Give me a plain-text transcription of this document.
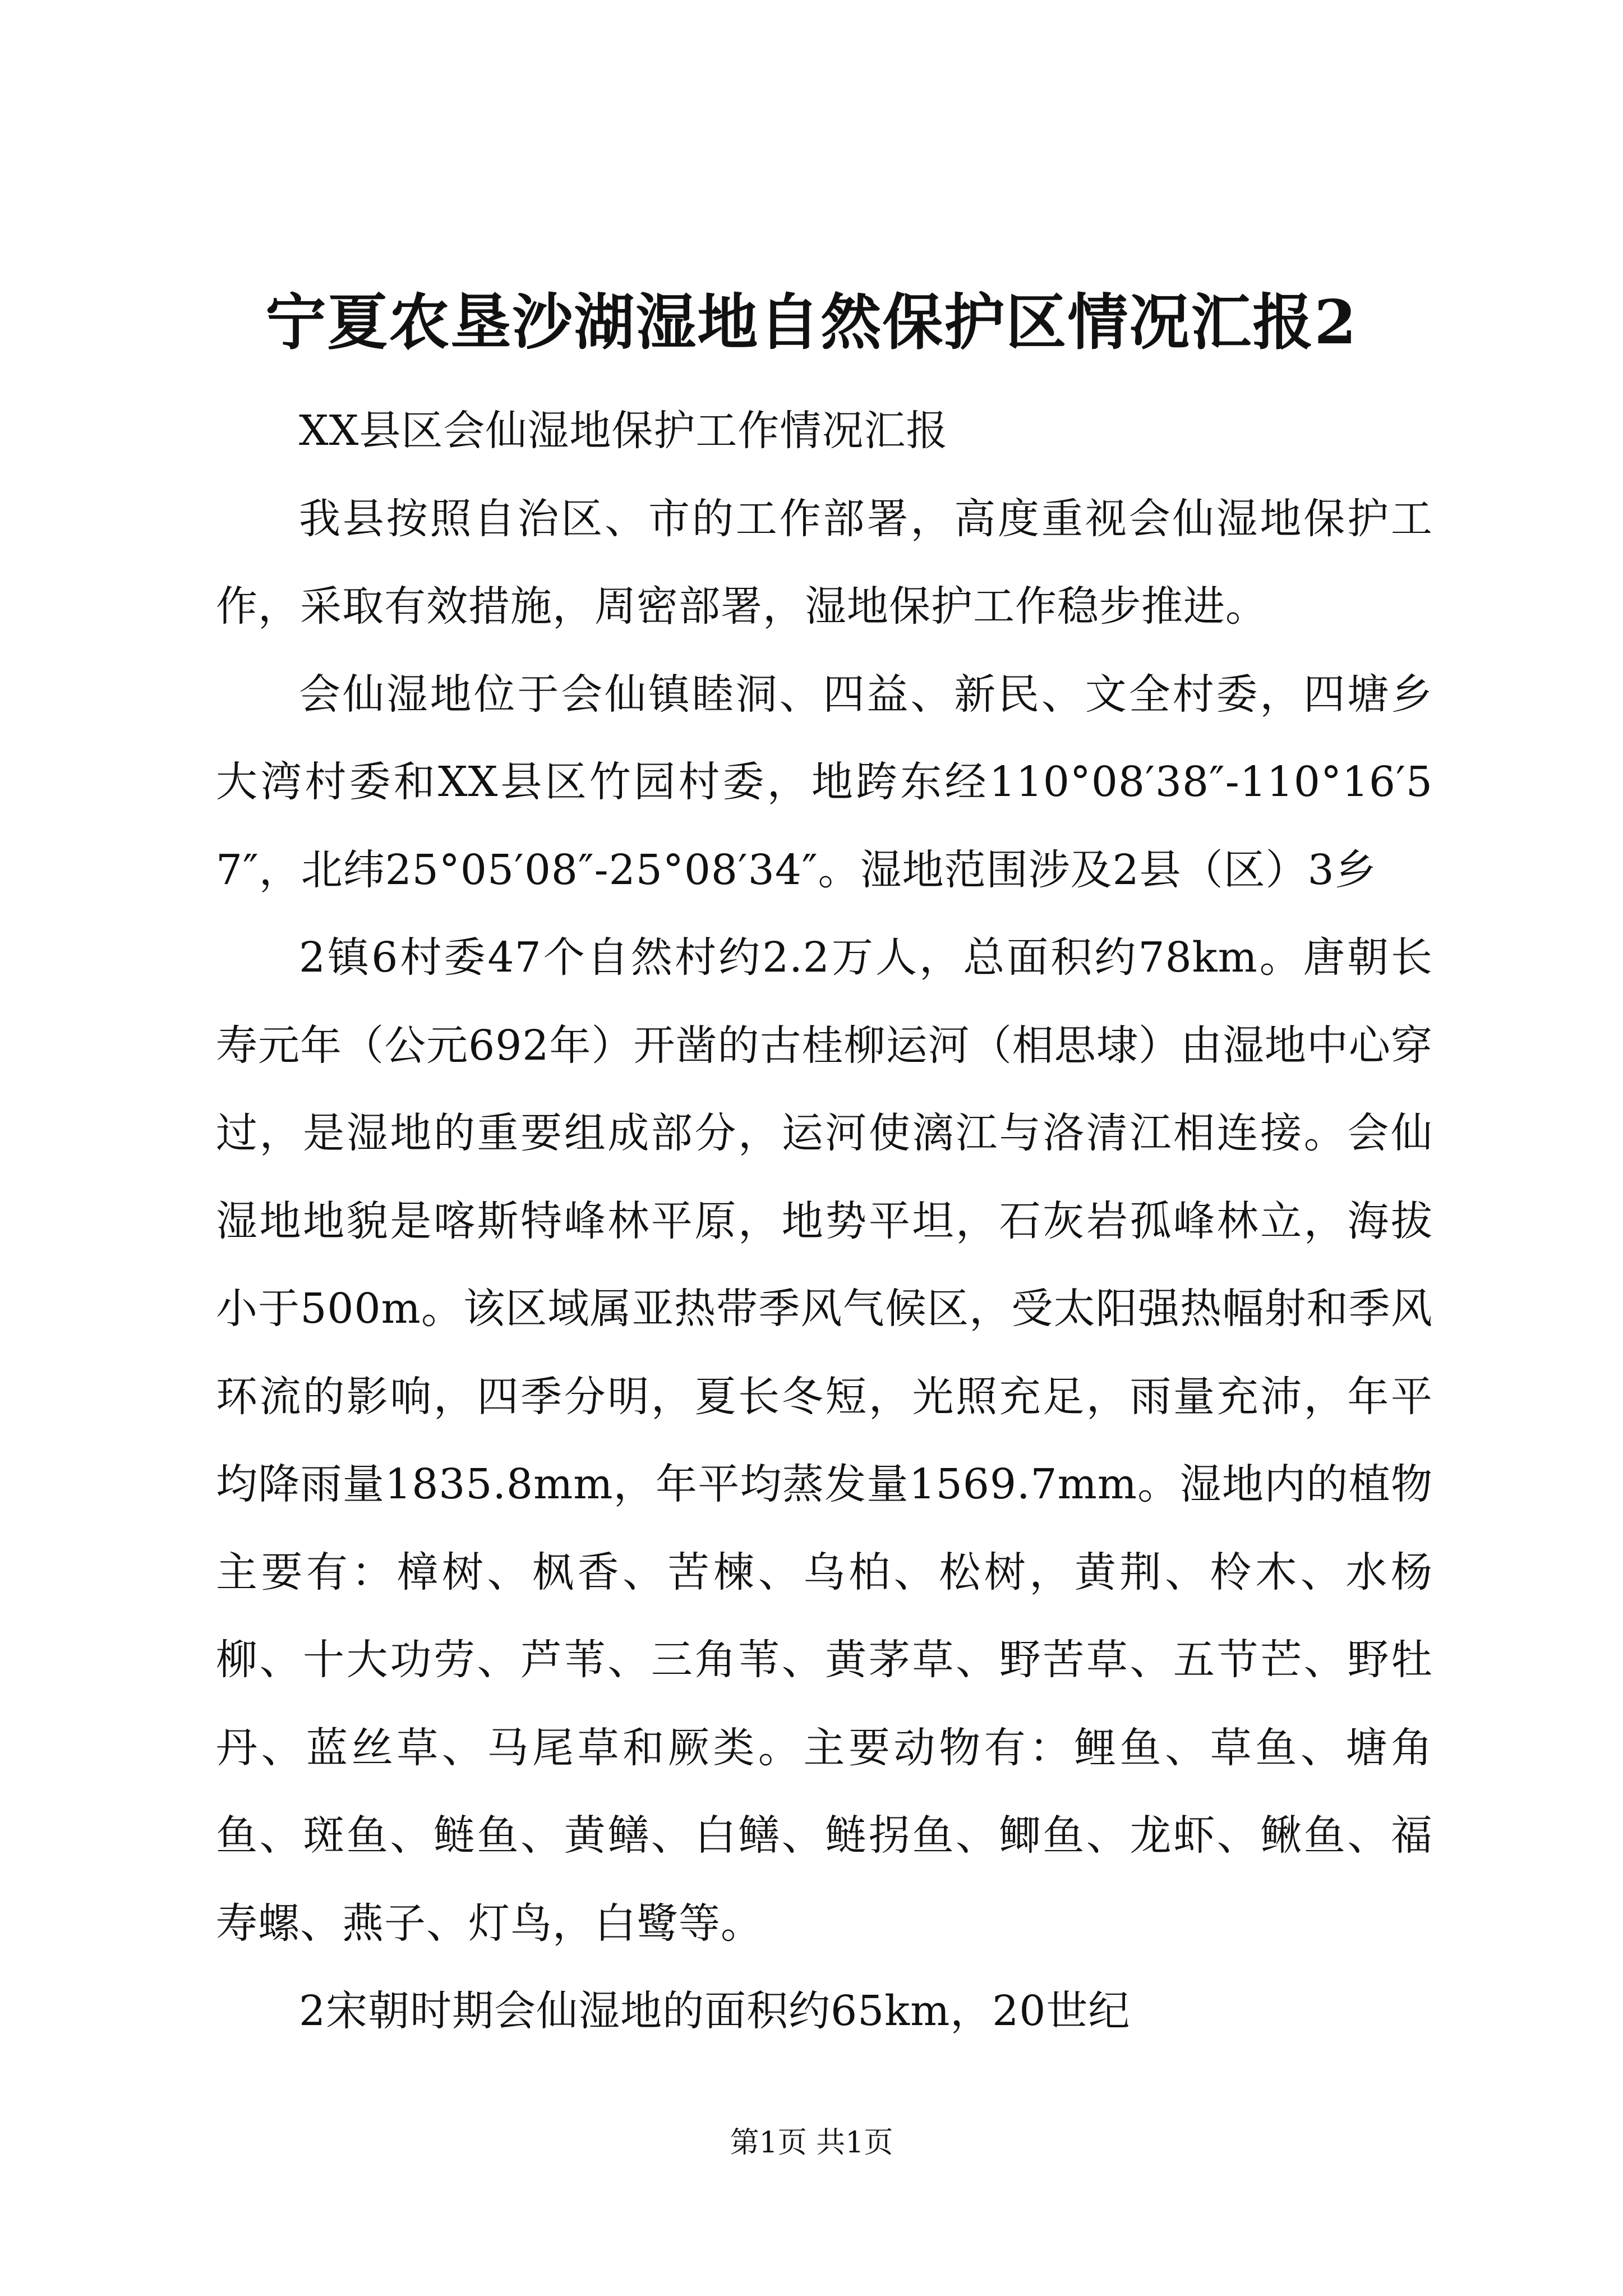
宁夏农垦沙湖湿地自然保护区情况汇报2

XX县区会仙湿地保护工作情况汇报

我县按照自治区、市的工作部署，高度重视会仙湿地保护工作，采取有效措施，周密部署，湿地保护工作稳步推进。

会仙湿地位于会仙镇睦洞、四益、新民、文全村委，四塘乡大湾村委和XX县区竹园村委，地跨东经110°08′38″-110°16′57″，北纬25°05′08″-25°08′34″。湿地范围涉及2县（区）3乡

2镇6村委47个自然村约2.2万人，总面积约78km。唐朝长寿元年（公元692年）开凿的古桂柳运河（相思埭）由湿地中心穿过，是湿地的重要组成部分，运河使漓江与洛清江相连接。会仙湿地地貌是喀斯特峰林平原，地势平坦，石灰岩孤峰林立，海拔小于500m。该区域属亚热带季风气候区，受太阳强热幅射和季风环流的影响，四季分明，夏长冬短，光照充足，雨量充沛，年平均降雨量1835.8mm，年平均蒸发量1569.7mm。湿地内的植物主要有：樟树、枫香、苦楝、乌柏、松树，黄荆、柃木、水杨柳、十大功劳、芦苇、三角苇、黄茅草、野苦草、五节芒、野牡丹、蓝丝草、马尾草和厥类。主要动物有：鲤鱼、草鱼、塘角鱼、斑鱼、鲢鱼、黄鳝、白鳝、鲢拐鱼、鲫鱼、龙虾、鳅鱼、福寿螺、燕子、灯鸟，白鹭等。

2宋朝时期会仙湿地的面积约65km，20世纪

第1页 共1页
